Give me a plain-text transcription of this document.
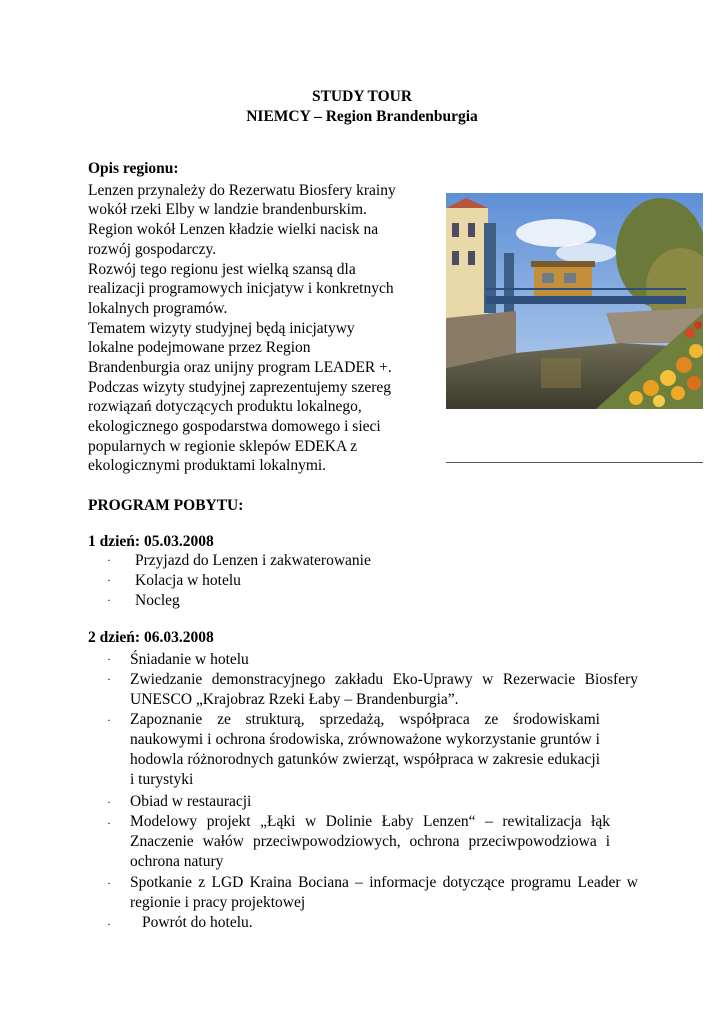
STUDY TOUR
NIEMCY – Region Brandenburgia
Opis regionu:
Lenzen przynależy do Rezerwatu Biosfery krainy
wokół rzeki Elby w landzie brandenburskim.
Region wokół Lenzen kładzie wielki nacisk na
rozwój gospodarczy.
Rozwój tego regionu jest wielką szansą dla
realizacji programowych inicjatyw i konkretnych
lokalnych programów.
Tematem wizyty studyjnej będą inicjatywy
lokalne podejmowane przez Region
Brandenburgia oraz unijny program LEADER +.
Podczas wizyty studyjnej zaprezentujemy szereg
rozwiązań dotyczących produktu lokalnego,
ekologicznego gospodarstwa domowego i sieci
popularnych w regionie sklepów EDEKA z
ekologicznymi produktami lokalnymi.
PROGRAM POBYTU:
1 dzień: 05.03.2008
· Przyjazd do Lenzen i zakwaterowanie
· Kolacja w hotelu
· Nocleg
2 dzień: 06.03.2008
· Śniadanie w hotelu
· Zwiedzanie demonstracyjnego zakładu Eko-Uprawy w Rezerwacie Biosfery UNESCO „Krajobraz Rzeki Łaby – Brandenburgia”.
· Zapoznanie ze strukturą, sprzedażą, współpraca ze środowiskami naukowymi i ochrona środowiska, zrównoważone wykorzystanie gruntów i hodowla różnorodnych gatunków zwierząt, współpraca w zakresie edukacji i turystyki
· Obiad w restauracji
· Modelowy projekt „Łąki w Dolinie Łaby Lenzen“ – rewitalizacja łąk Znaczenie wałów przeciwpowodziowych, ochrona przeciwpowodziowa i ochrona natury
· Spotkanie z LGD Kraina Bociana – informacje dotyczące programu Leader w regionie i pracy projektowej
· Powrót do hotelu.
